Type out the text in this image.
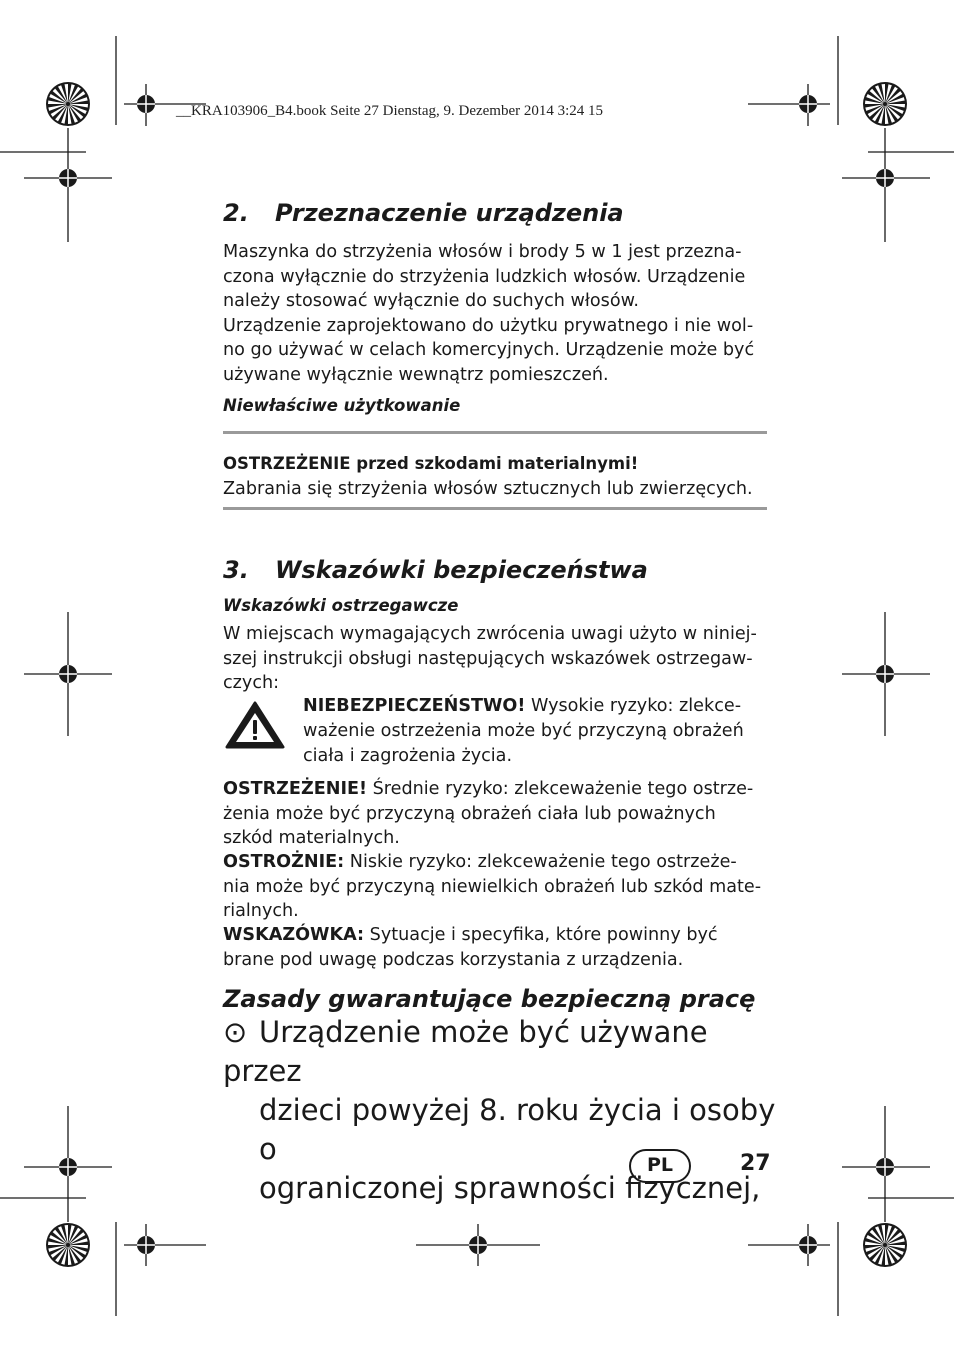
__KRA103906_B4.book Seite 27 Dienstag, 9. Dezember 2014 3:24 15
2. Przeznaczenie urządzenia

Maszynka do strzyżenia włosów i brody 5 w 1 jest przezna-

czona wyłącznie do strzyżenia ludzkich włosów. Urządzenie

należy stosować wyłącznie do suchych włosów.

Urządzenie zaprojektowano do użytku prywatnego i nie wol-

no go używać w celach komercyjnych. Urządzenie może być

używane wyłącznie wewnątrz pomieszczeń.

Niewłaściwe użytkowanie

OSTRZEŻENIE przed szkodami materialnymi!

Zabrania się strzyżenia włosów sztucznych lub zwierzęcych.

3. Wskazówki bezpieczeństwa
Wskazówki ostrzegawcze

W miejscach wymagających zwrócenia uwagi użyto w niniej-

szej instrukcji obsługi następujących wskazówek ostrzegaw-

czych:

NIEBEZPIECZEŃSTWO! Wysokie ryzyko: zlekce-
ważenie ostrzeżenia może być przyczyną obrażeń
ciała i zagrożenia życia.
OSTRZEŻENIE! Średnie ryzyko: zlekceważenie tego ostrze-
żenia może być przyczyną obrażeń ciała lub poważnych
szkód materialnych.
OSTROŻNIE: Niskie ryzyko: zlekceważenie tego ostrzeże-
nia może być przyczyną niewielkich obrażeń lub szkód mate-
rialnych.
WSKAZÓWKA: Sytuacje i specyfika, które powinny być
brane pod uwagę podczas korzystania z urządzenia.
Zasady gwarantujące bezpieczną pracę
⊙ Urządzenie może być używane przez
dzieci powyżej 8. roku życia i osoby o
ograniczonej sprawności fizycznej,
PL	27
